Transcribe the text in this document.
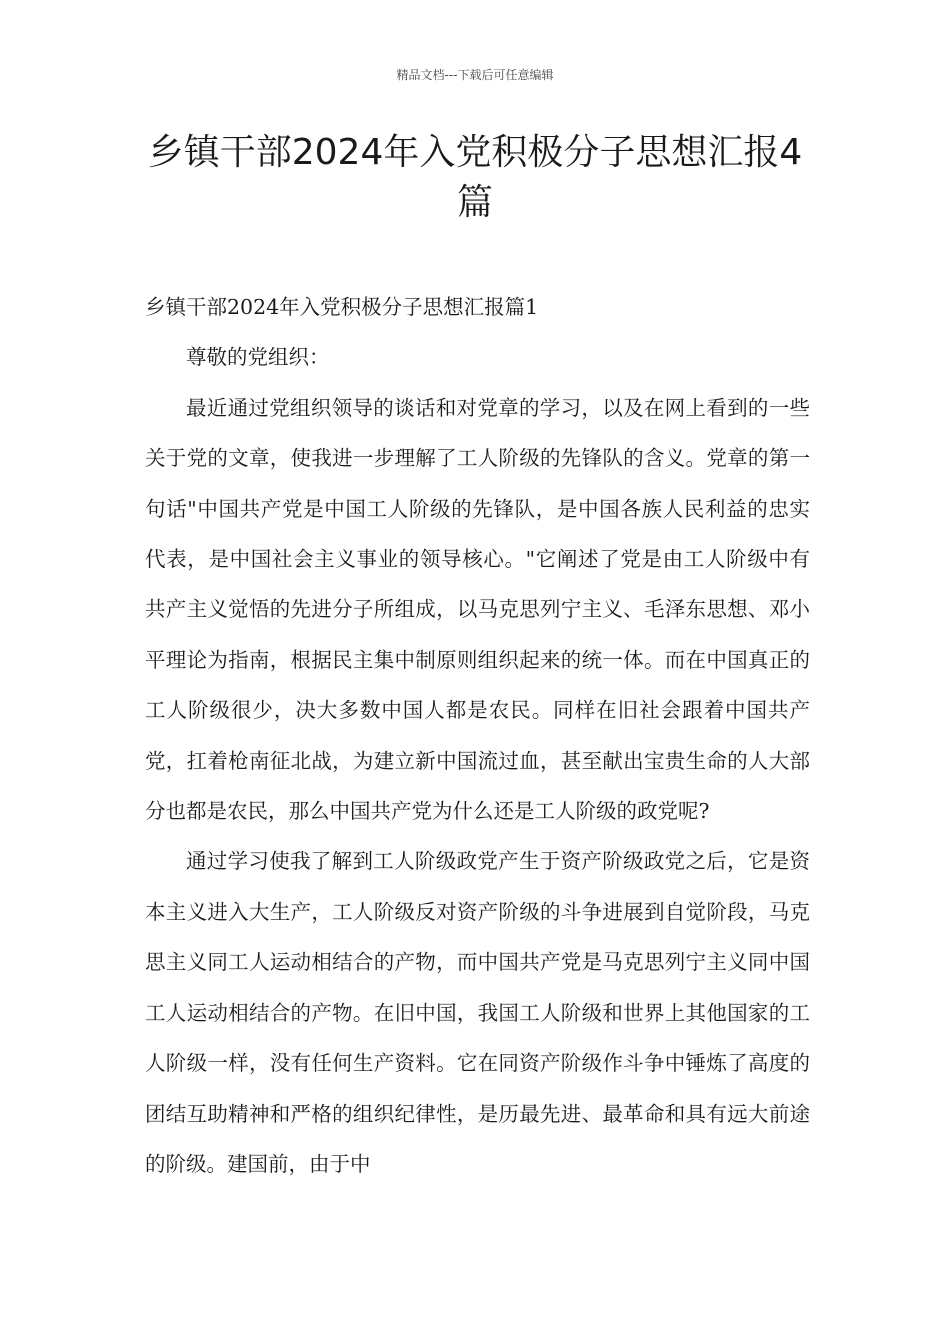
精品文档---下载后可任意编辑
乡镇干部2024年入党积极分子思想汇报4篇

乡镇干部2024年入党积极分子思想汇报篇1

尊敬的党组织：

最近通过党组织领导的谈话和对党章的学习，以及在网上看到的一些关于党的文章，使我进一步理解了工人阶级的先锋队的含义。党章的第一句话"中国共产党是中国工人阶级的先锋队，是中国各族人民利益的忠实代表，是中国社会主义事业的领导核心。"它阐述了党是由工人阶级中有共产主义觉悟的先进分子所组成，以马克思列宁主义、毛泽东思想、邓小平理论为指南，根据民主集中制原则组织起来的统一体。而在中国真正的工人阶级很少，决大多数中国人都是农民。同样在旧社会跟着中国共产党，扛着枪南征北战，为建立新中国流过血，甚至献出宝贵生命的人大部分也都是农民，那么中国共产党为什么还是工人阶级的政党呢?

通过学习使我了解到工人阶级政党产生于资产阶级政党之后，它是资本主义进入大生产，工人阶级反对资产阶级的斗争进展到自觉阶段，马克思主义同工人运动相结合的产物，而中国共产党是马克思列宁主义同中国工人运动相结合的产物。在旧中国，我国工人阶级和世界上其他国家的工人阶级一样，没有任何生产资料。它在同资产阶级作斗争中锤炼了高度的团结互助精神和严格的组织纪律性，是历最先进、最革命和具有远大前途的阶级。建国前，由于中
